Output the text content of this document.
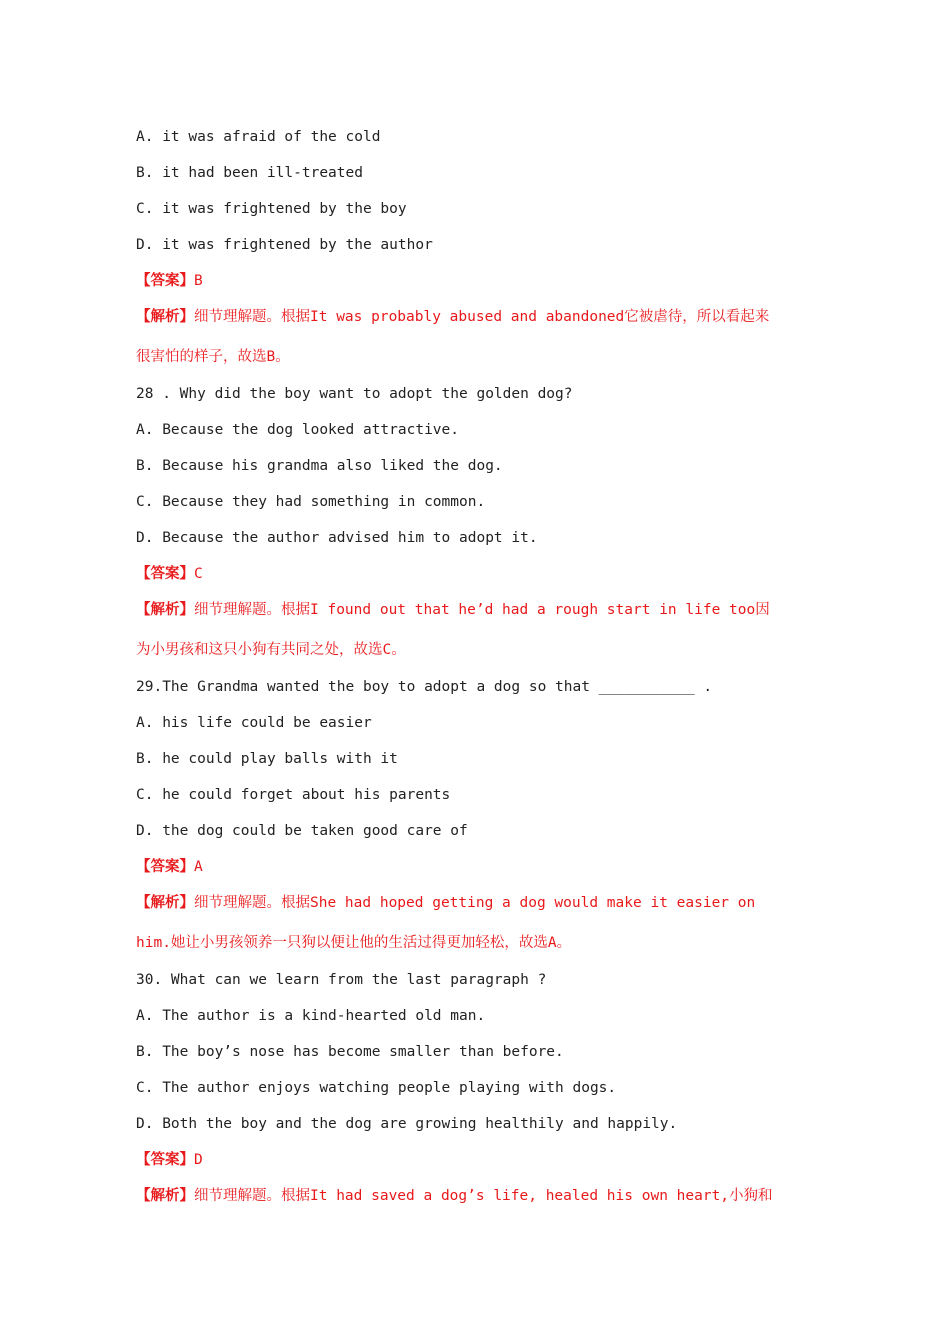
A. it was afraid of the cold
B. it had been ill-treated
C. it was frightened by the boy
D. it was frightened by the author
【答案】B
【解析】细节理解题。根据It was probably abused and abandoned它被虐待，所以看起来
很害怕的样子，故选B。
28 . Why did the boy want to adopt the golden dog?
A. Because the dog looked attractive.
B. Because his grandma also liked the dog.
C. Because they had something in common.
D. Because the author advised him to adopt it.
【答案】C
【解析】细节理解题。根据I found out that he’d had a rough start in life too因
为小男孩和这只小狗有共同之处，故选C。
29.The Grandma wanted the boy to adopt a dog so that ___________ .
A. his life could be easier
B. he could play balls with it
C. he could forget about his parents
D. the dog could be taken good care of
【答案】A
【解析】细节理解题。根据She had hoped getting a dog would make it easier on
him.她让小男孩领养一只狗以便让他的生活过得更加轻松，故选A。
30. What can we learn from the last paragraph ?
A. The author is a kind-hearted old man.
B. The boy’s nose has become smaller than before.
C. The author enjoys watching people playing with dogs.
D. Both the boy and the dog are growing healthily and happily.
【答案】D
【解析】细节理解题。根据It had saved a dog’s life, healed his own heart,小狗和
